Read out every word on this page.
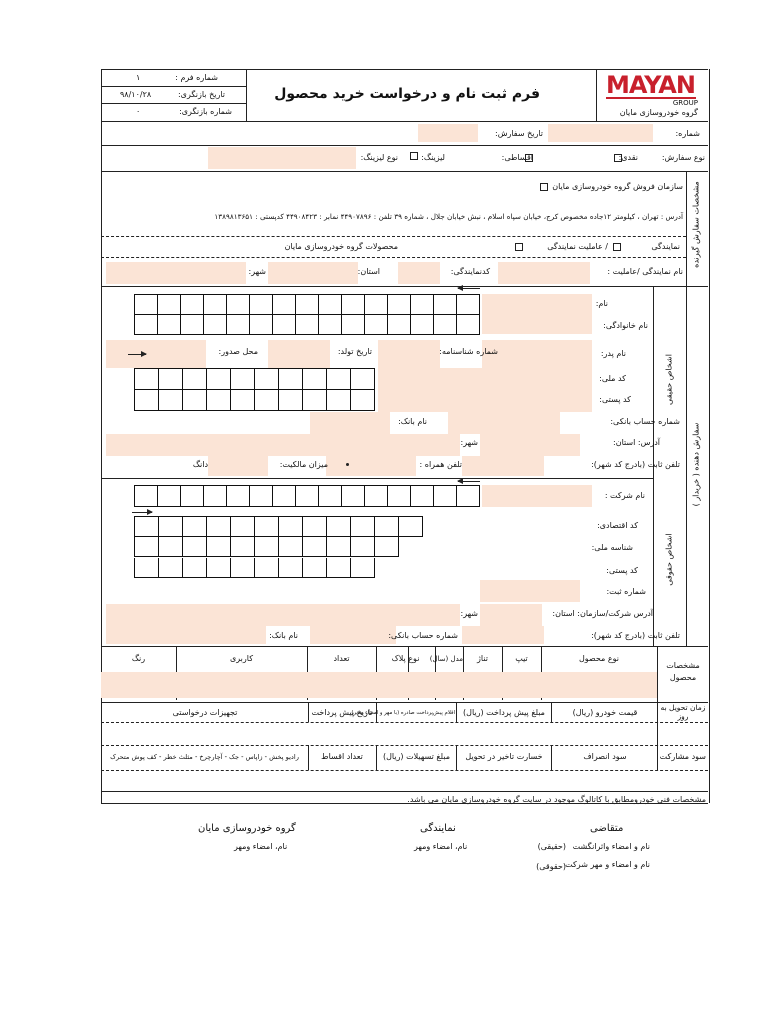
MAYAN
GROUP
گروه خودروسازی مایان
فرم ثبت نام و درخواست خرید محصول
شماره فرم :
۱
تاریخ بازنگری:
۹۸/۱۰/۲۸
شماره بازنگری:
۰
شماره:
تاریخ سفارش:
نوع سفارش:
نقدی:
اقساطی:
لیزینگ:
نوع لیزینگ:
مشخصات سفارش گیرنده
سازمان فروش گروه خودروسازی مایان
آدرس : تهران ، کیلومتر ۱۲جاده مخصوص کرج، خیابان سپاه اسلام ، نبش خیابان جلال ، شماره ۳۹ تلفن : ۴۴۹۰۷۸۹۶ نمابر : ۴۴۹۰۸۴۲۳ کدپستی : ۱۳۸۹۸۱۳۶۵۱
نمایندگی
/ عاملیت نمایندگی
محصولات گروه خودروسازی مایان
نام نمایندگی /عاملیت :
کدنمایندگی:
استان:
شهر:
سفارش دهنده ( خریدار )
اشخاص حقیقی
اشخاص حقوقی
نام:
نام خانوادگی:
نام پدر:
شماره شناسنامه:
تاریخ تولد:
محل صدور:
کد ملی:
کد پستی:
شماره حساب بانکی:
نام بانک:
آدرس: استان:
شهر:
تلفن ثابت (بادرج کد شهر):
تلفن همراه :
میزان مالکیت:
دانگ
نام شرکت :
کد اقتصادی:
شناسه ملی:
کد پستی:
شماره ثبت:
آدرس شرکت/سازمان: استان:
شهر:
تلفن ثابت (بادرج کد شهر):
شماره حساب بانکی:
نام بانک:
مشخصات محصول
نوع محصول
تیپ
تناژ
مدل (سال)
نوع پلاک
تعداد
کاربری
رنگ
زمان تحویل به روز
قیمت خودرو (ریال)
مبلغ پیش پرداخت (ریال)
اقلام پیش‌پرداخت‌ صادره‌ (با مهر و امضاء مدیر)
تاریخ پیش پرداخت
تجهیزات درخواستی
سود مشارکت
سود انصراف
خسارت تاخیر در تحویل
مبلغ تسهیلات (ریال)
تعداد اقساط
رادیو پخش - زاپاس - جک - آچارچرخ - مثلث خطر - کف پوش متحرک
مشخصات فنی خودرومطابق با کاتالوگ موجود در سایت گروه خودروسازی مایان می باشد.
متقاضی
نام و امضاء واثرانگشت
(حقیقی)
نام و امضاء و مهر شرکت
(حقوقی)
نمایندگی
نام، امضاء ومهر
گروه خودروسازی مایان
نام، امضاء ومهر
